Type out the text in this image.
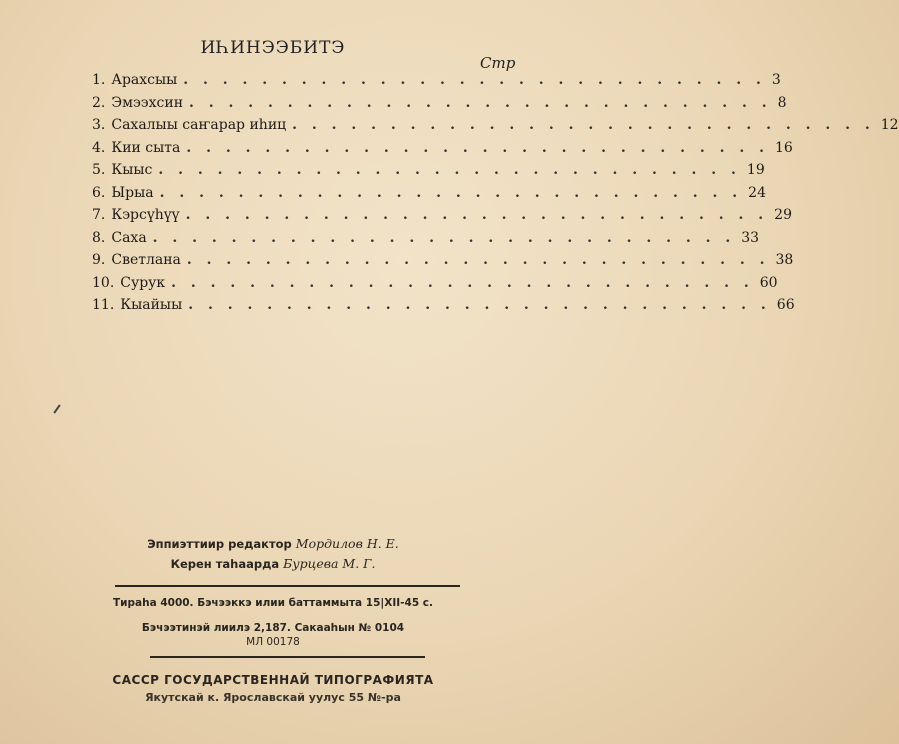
ИҺИНЭЭБИТЭ
Стр
1. Арахсыы . . . . . . . . . . . . . . . . . . . . . . . . . . . . . . 3
2. Эмээхсин . . . . . . . . . . . . . . . . . . . . . . . . . . . . . . 8
3. Сахалыы саҥарар иһиц . . . . . . . . . . . . . . . . . . . . . . . . . . . . . . 12
4. Кии сыта . . . . . . . . . . . . . . . . . . . . . . . . . . . . . . 16
5. Кыыс . . . . . . . . . . . . . . . . . . . . . . . . . . . . . . 19
6. Ырыа . . . . . . . . . . . . . . . . . . . . . . . . . . . . . . 24
7. Кэрсүһүү . . . . . . . . . . . . . . . . . . . . . . . . . . . . . . 29
8. Саха . . . . . . . . . . . . . . . . . . . . . . . . . . . . . . 33
9. Светлана . . . . . . . . . . . . . . . . . . . . . . . . . . . . . . 38
10. Сурук . . . . . . . . . . . . . . . . . . . . . . . . . . . . . . 60
11. Кыайыы . . . . . . . . . . . . . . . . . . . . . . . . . . . . . . 66
Эппиэттиир редактор Мордилов Н. Е.
Керен таһаарда Бурцева М. Г.
Тираһа 4000. Бэчээккэ илии баттаммыта 15|XII-45 с.
Бэчээтинэй лиилэ 2,187. Сакааһын № 0104
МЛ 00178
САССР ГОСУДАРСТВЕННАЙ ТИПОГРАФИЯТА
Якутскай к. Ярославскай уулус 55 №-ра
